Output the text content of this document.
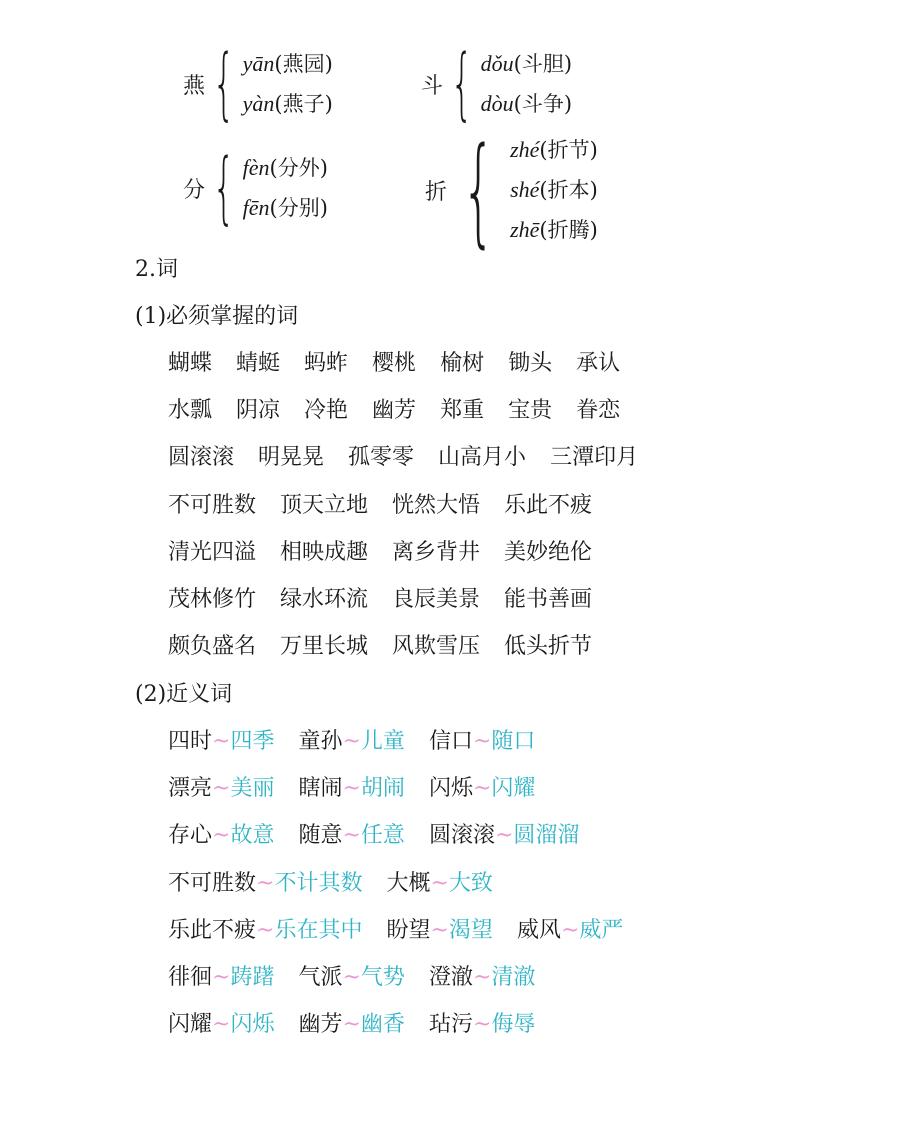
燕 { yān(燕园)
yàn(燕子)
斗 { dǒu(斗胆)
dòu(斗争)
分 { fèn(分外)
fēn(分别)
折 { zhé(折节)
shé(折本)
zhē(折腾)
2.词
(1)必须掌握的词
蝴蝶 蜻蜓 蚂蚱 樱桃 榆树 锄头 承认
水瓢 阴凉 冷艳 幽芳 郑重 宝贵 眷恋
圆滚滚 明晃晃 孤零零 山高月小 三潭印月
不可胜数 顶天立地 恍然大悟 乐此不疲
清光四溢 相映成趣 离乡背井 美妙绝伦
茂林修竹 绿水环流 良辰美景 能书善画
颇负盛名 万里长城 风欺雪压 低头折节
(2)近义词
四时~四季 童孙~儿童 信口~随口
漂亮~美丽 瞎闹~胡闹 闪烁~闪耀
存心~故意 随意~任意 圆滚滚~圆溜溜
不可胜数~不计其数 大概~大致
乐此不疲~乐在其中 盼望~渴望 威风~威严
徘徊~踌躇 气派~气势 澄澈~清澈
闪耀~闪烁 幽芳~幽香 玷污~侮辱
